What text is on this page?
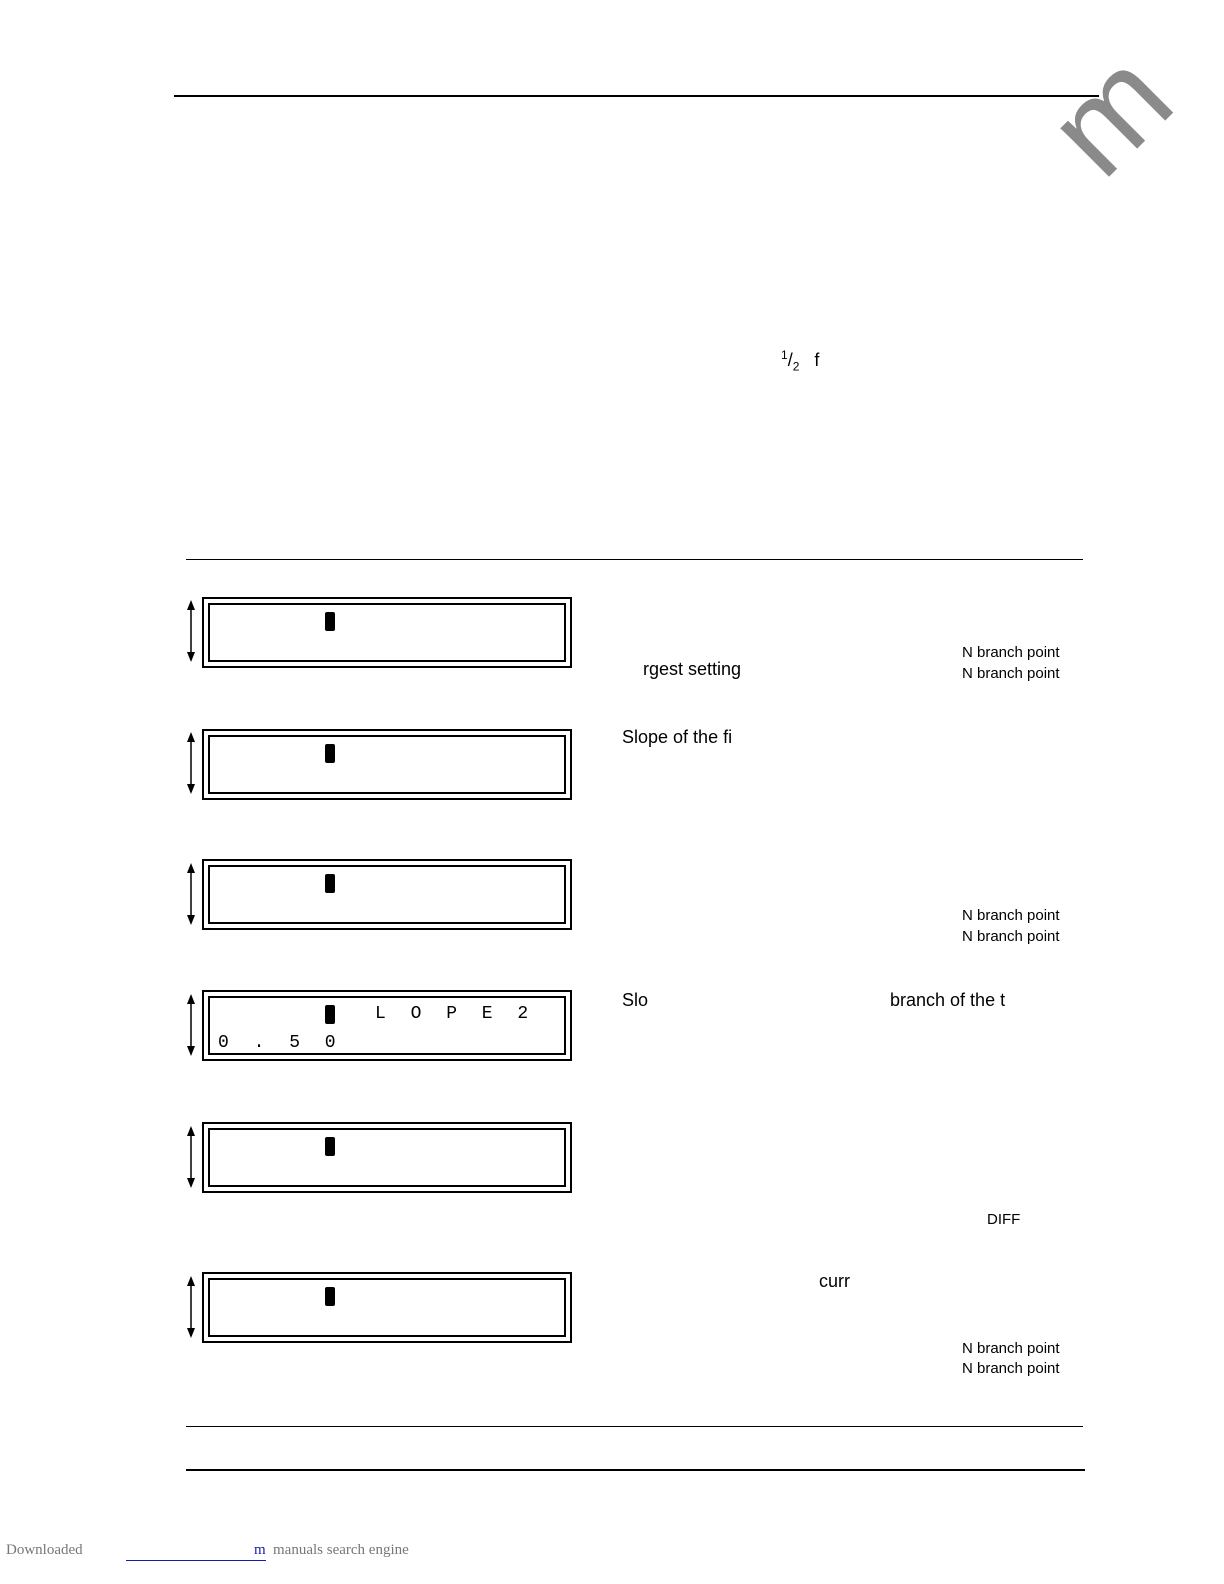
m
$^1/_2$ f
N branch point
rgest setting	N branch point
Slope of the fi
N branch point
N branch point
L O P E 2
0 . 5 0
Slo	branch of the t
DIFF
curr
N branch point
N branch point
Downloaded	m manuals search engine
